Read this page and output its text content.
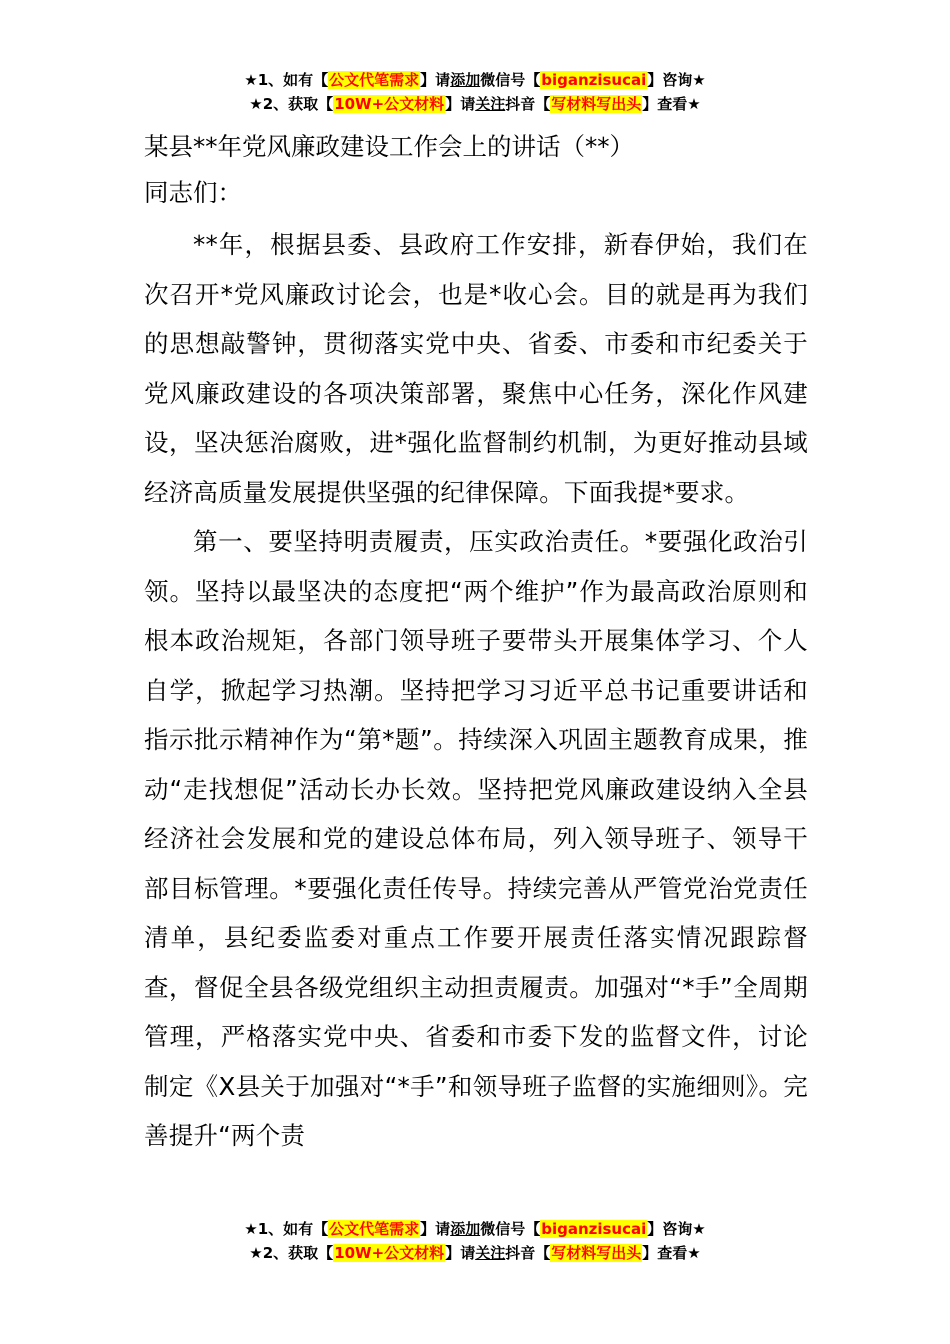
★1、如有【公文代笔需求】请添加微信号【biganzisucai】咨询★
★2、获取【10W+公文材料】请关注抖音【写材料写出头】查看★
某县**年党风廉政建设工作会上的讲话（**）
同志们：

**年，根据县委、县政府工作安排，新春伊始，我们在次召开*党风廉政讨论会，也是*收心会。目的就是再为我们的思想敲警钟，贯彻落实党中央、省委、市委和市纪委关于党风廉政建设的各项决策部署，聚焦中心任务，深化作风建设，坚决惩治腐败，进*强化监督制约机制，为更好推动县域经济高质量发展提供坚强的纪律保障。下面我提*要求。

第一、要坚持明责履责，压实政治责任。*要强化政治引领。坚持以最坚决的态度把“两个维护”作为最高政治原则和根本政治规矩，各部门领导班子要带头开展集体学习、个人自学，掀起学习热潮。坚持把学习习近平总书记重要讲话和指示批示精神作为“第*题”。持续深入巩固主题教育成果，推动“走找想促”活动长办长效。坚持把党风廉政建设纳入全县经济社会发展和党的建设总体布局，列入领导班子、领导干部目标管理。*要强化责任传导。持续完善从严管党治党责任清单，县纪委监委对重点工作要开展责任落实情况跟踪督查，督促全县各级党组织主动担责履责。加强对“*手”全周期管理，严格落实党中央、省委和市委下发的监督文件，讨论制定《X县关于加强对“*手”和领导班子监督的实施细则》。完善提升“两个责

★1、如有【公文代笔需求】请添加微信号【biganzisucai】咨询★
★2、获取【10W+公文材料】请关注抖音【写材料写出头】查看★
